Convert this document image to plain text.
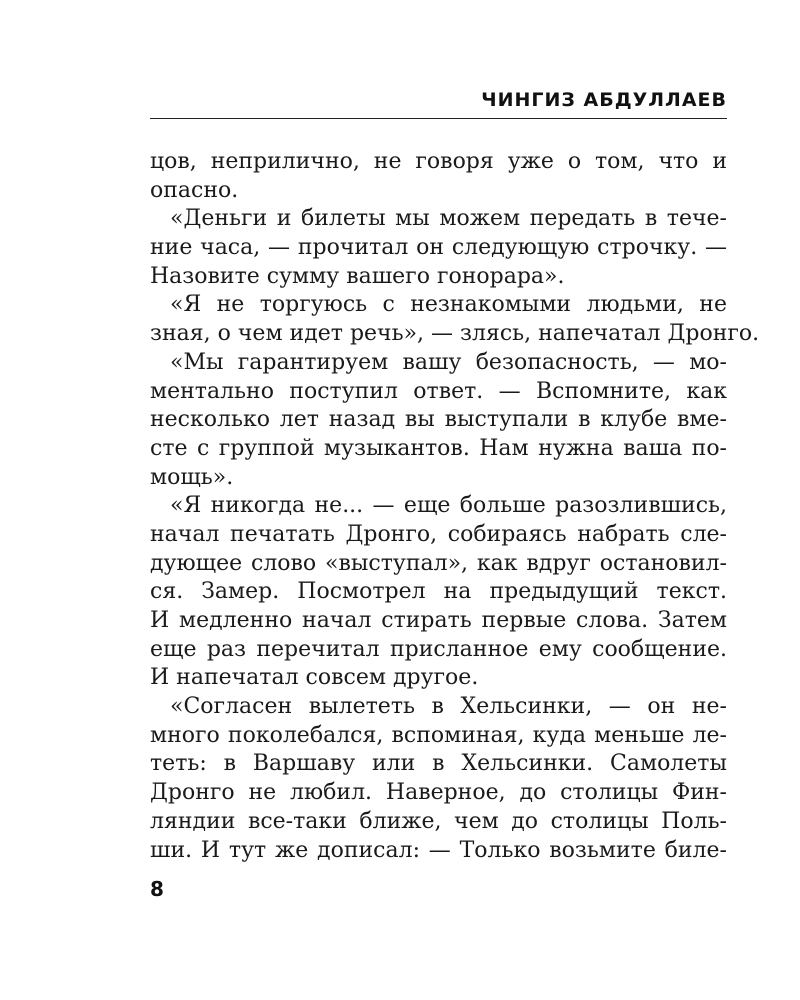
ЧИНГИЗ АБДУЛЛАЕВ
цов, неприлично, не говоря уже о том, что и
опасно.
«Деньги и билеты мы можем передать в тече-
ние часа, — прочитал он следующую строчку. —
Назовите сумму вашего гонорара».
«Я не торгуюсь с незнакомыми людьми, не
зная, о чем идет речь», — злясь, напечатал Дронго.
«Мы гарантируем вашу безопасность, — мо-
ментально поступил ответ. — Вспомните, как
несколько лет назад вы выступали в клубе вме-
сте с группой музыкантов. Нам нужна ваша по-
мощь».
«Я никогда не... — еще больше разозлившись,
начал печатать Дронго, собираясь набрать сле-
дующее слово «выступал», как вдруг остановил-
ся. Замер. Посмотрел на предыдущий текст.
И медленно начал стирать первые слова. Затем
еще раз перечитал присланное ему сообщение.
И напечатал совсем другое.
«Согласен вылететь в Хельсинки, — он не-
много поколебался, вспоминая, куда меньше ле-
теть: в Варшаву или в Хельсинки. Самолеты
Дронго не любил. Наверное, до столицы Фин-
ляндии все-таки ближе, чем до столицы Поль-
ши. И тут же дописал: — Только возьмите биле-
8
